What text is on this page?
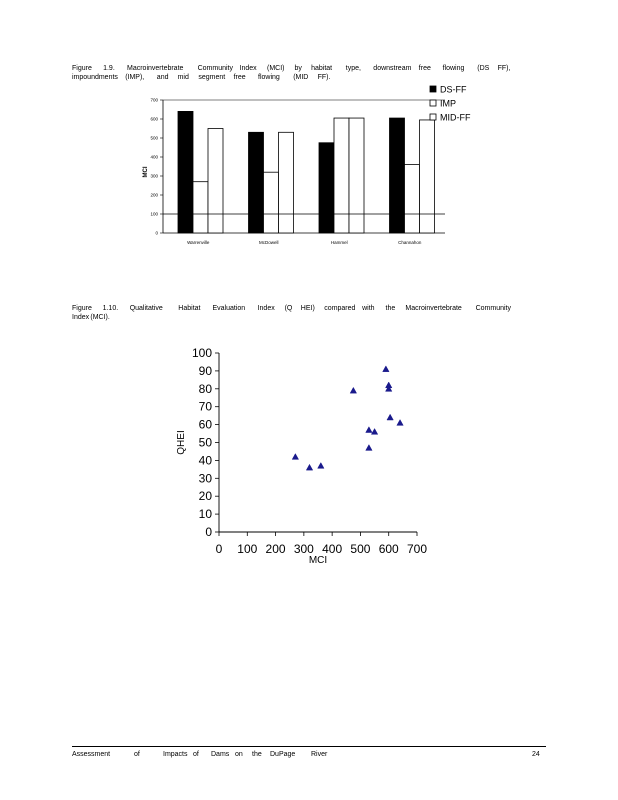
Figure 1.9. Macroinvertebrate Community Index (MCI) by habitat type, downstream free flowing (DS FF),
impoundments (IMP), and mid segment free flowing (MID FF).
0
100
200
300
400
500
600
700
MCI
Warrenville	McDowell	Hammel	Channahon
DS-FF
IMP
MID-FF
Figure 1.10. Qualitative Habitat Evaluation Index (Q HEI) compared with the Macroinvertebrate Community
Index (MCI).
0
10
20
30
40
50
60
70
80
90
100
0 100 200 300 400 500 600 700
MCI
QHEI
Assessment	of	Impacts of Dams on the DuPage River	24
